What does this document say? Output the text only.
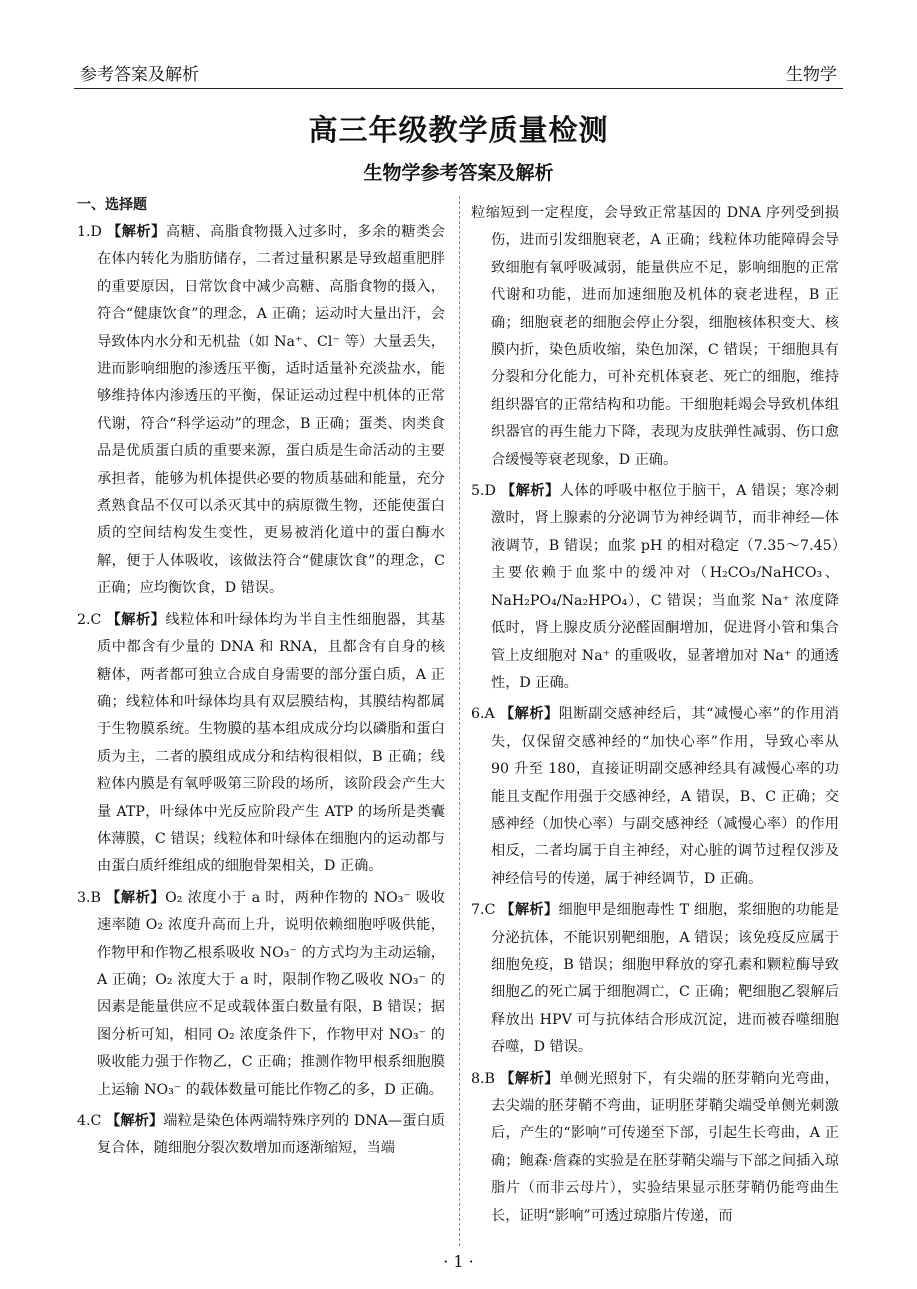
参考答案及解析	生物学
高三年级教学质量检测
生物学参考答案及解析
一、选择题

1.D 【解析】高糖、高脂食物摄入过多时，多余的糖类会在体内转化为脂肪储存，二者过量积累是导致超重肥胖的重要原因，日常饮食中减少高糖、高脂食物的摄入，符合“健康饮食”的理念，A 正确；运动时大量出汗，会导致体内水分和无机盐（如 Na⁺、Cl⁻ 等）大量丢失，进而影响细胞的渗透压平衡，适时适量补充淡盐水，能够维持体内渗透压的平衡，保证运动过程中机体的正常代谢，符合“科学运动”的理念，B 正确；蛋类、肉类食品是优质蛋白质的重要来源，蛋白质是生命活动的主要承担者，能够为机体提供必要的物质基础和能量，充分煮熟食品不仅可以杀灭其中的病原微生物，还能使蛋白质的空间结构发生变性，更易被消化道中的蛋白酶水解，便于人体吸收，该做法符合“健康饮食”的理念，C 正确；应均衡饮食，D 错误。

2.C 【解析】线粒体和叶绿体均为半自主性细胞器，其基质中都含有少量的 DNA 和 RNA，且都含有自身的核糖体，两者都可独立合成自身需要的部分蛋白质，A 正确；线粒体和叶绿体均具有双层膜结构，其膜结构都属于生物膜系统。生物膜的基本组成成分均以磷脂和蛋白质为主，二者的膜组成成分和结构很相似，B 正确；线粒体内膜是有氧呼吸第三阶段的场所，该阶段会产生大量 ATP，叶绿体中光反应阶段产生 ATP 的场所是类囊体薄膜，C 错误；线粒体和叶绿体在细胞内的运动都与由蛋白质纤维组成的细胞骨架相关，D 正确。

3.B 【解析】O₂ 浓度小于 a 时，两种作物的 NO₃⁻ 吸收速率随 O₂ 浓度升高而上升，说明依赖细胞呼吸供能，作物甲和作物乙根系吸收 NO₃⁻ 的方式均为主动运输，A 正确；O₂ 浓度大于 a 时，限制作物乙吸收 NO₃⁻ 的因素是能量供应不足或载体蛋白数量有限，B 错误；据图分析可知，相同 O₂ 浓度条件下，作物甲对 NO₃⁻ 的吸收能力强于作物乙，C 正确；推测作物甲根系细胞膜上运输 NO₃⁻ 的载体数量可能比作物乙的多，D 正确。

4.C 【解析】端粒是染色体两端特殊序列的 DNA—蛋白质复合体，随细胞分裂次数增加而逐渐缩短，当端

粒缩短到一定程度，会导致正常基因的 DNA 序列受到损伤，进而引发细胞衰老，A 正确；线粒体功能障碍会导致细胞有氧呼吸减弱，能量供应不足，影响细胞的正常代谢和功能，进而加速细胞及机体的衰老进程，B 正确；细胞衰老的细胞会停止分裂，细胞核体积变大、核膜内折，染色质收缩，染色加深，C 错误；干细胞具有分裂和分化能力，可补充机体衰老、死亡的细胞，维持组织器官的正常结构和功能。干细胞耗竭会导致机体组织器官的再生能力下降，表现为皮肤弹性减弱、伤口愈合缓慢等衰老现象，D 正确。

5.D 【解析】人体的呼吸中枢位于脑干，A 错误；寒冷刺激时，肾上腺素的分泌调节为神经调节，而非神经—体液调节，B 错误；血浆 pH 的相对稳定（7.35～7.45）主要依赖于血浆中的缓冲对（H₂CO₃/NaHCO₃、NaH₂PO₄/Na₂HPO₄），C 错误；当血浆 Na⁺ 浓度降低时，肾上腺皮质分泌醛固酮增加，促进肾小管和集合管上皮细胞对 Na⁺ 的重吸收，显著增加对 Na⁺ 的通透性，D 正确。

6.A 【解析】阻断副交感神经后，其“减慢心率”的作用消失，仅保留交感神经的“加快心率”作用，导致心率从 90 升至 180，直接证明副交感神经具有减慢心率的功能且支配作用强于交感神经，A 错误，B、C 正确；交感神经（加快心率）与副交感神经（减慢心率）的作用相反，二者均属于自主神经，对心脏的调节过程仅涉及神经信号的传递，属于神经调节，D 正确。

7.C 【解析】细胞甲是细胞毒性 T 细胞，浆细胞的功能是分泌抗体，不能识别靶细胞，A 错误；该免疫反应属于细胞免疫，B 错误；细胞甲释放的穿孔素和颗粒酶导致细胞乙的死亡属于细胞凋亡，C 正确；靶细胞乙裂解后释放出 HPV 可与抗体结合形成沉淀，进而被吞噬细胞吞噬，D 错误。

8.B 【解析】单侧光照射下，有尖端的胚芽鞘向光弯曲，去尖端的胚芽鞘不弯曲，证明胚芽鞘尖端受单侧光刺激后，产生的“影响”可传递至下部，引起生长弯曲，A 正确；鲍森·詹森的实验是在胚芽鞘尖端与下部之间插入琼脂片（而非云母片），实验结果显示胚芽鞘仍能弯曲生长，证明“影响”可透过琼脂片传递，而

· 1 ·
